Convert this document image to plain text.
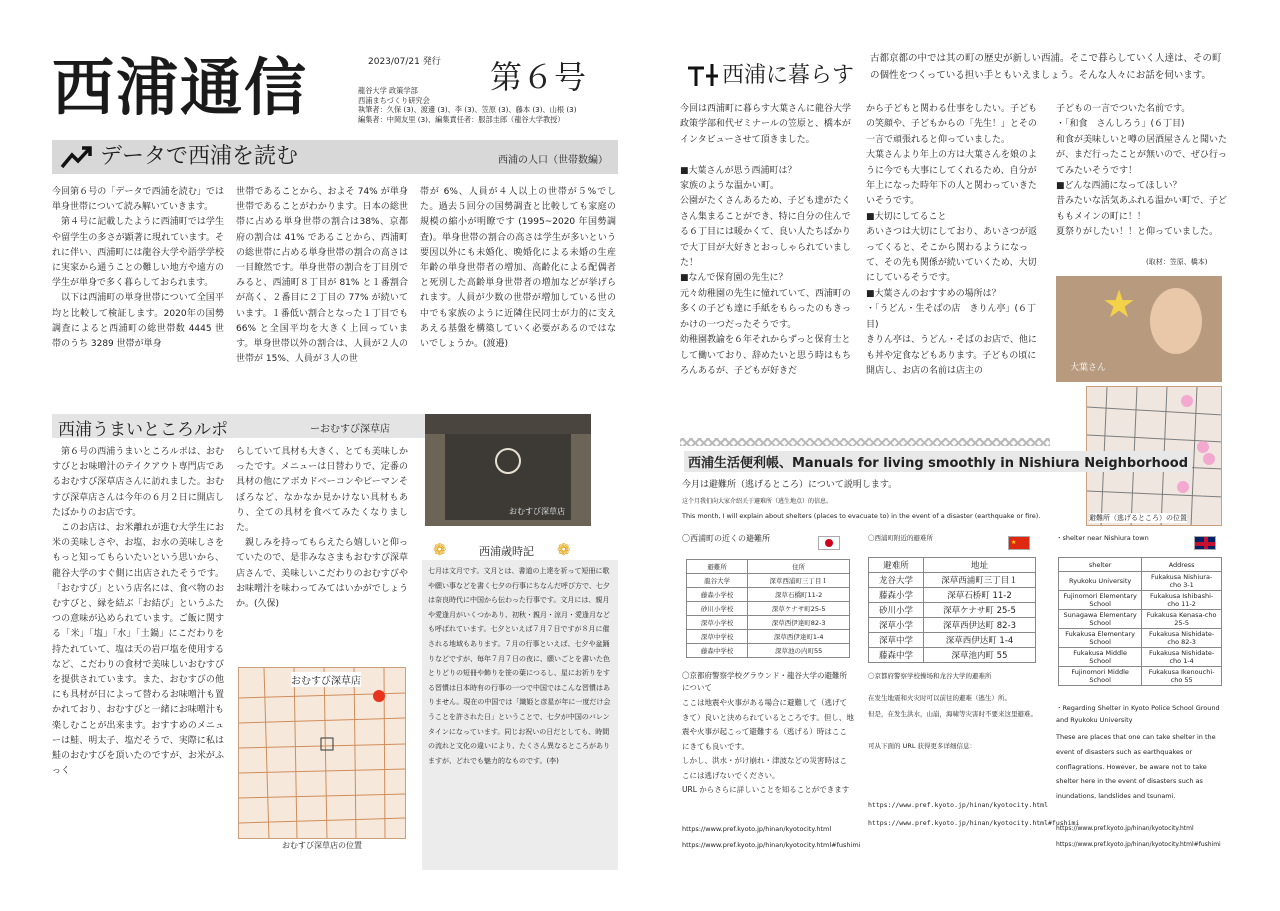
西浦通信	2023/07/21 発行 第６号
龍谷大学 政策学部
西浦まちづくり研究会
執筆者：久保 (3)、渡邊 (3)、李 (3)、笠原 (3)、藤本 (3)、山根 (3)
編集者：中岡友里 (3)、編集責任者：服部圭郎（龍谷大学教授）
データで西浦を読む	西浦の人口（世帯数編）

今回第６号の「データで西浦を読む」では単身世帯について読み解いていきます。

第４号に記載したように西浦町では学生や留学生の多さが顕著に現れています。それに伴い、西浦町には龍谷大学や語学学校に実家から通うことの難しい地方や遠方の学生が単身で多く暮らしておられます。

以下は西浦町の単身世帯について全国平均と比較して検証します。2020年の国勢調査によると西浦町の総世帯数 4445 世帯のうち 3289 世帯が単身

世帯であることから、およそ 74% が単身世帯であることがわかります。日本の総世帯に占める単身世帯の割合は38%、京都府の割合は 41% であることから、西浦町の総世帯に占める単身世帯の割合の高さは一目瞭然です。単身世帯の割合を丁目別でみると、西浦町８丁目が 81% と１番割合が高く、２番目に２丁目の 77% が続いています。１番低い割合となった１丁目でも 66% と全国平均を大きく上回っています。単身世帯以外の割合は、人員が２人の世帯が 15%、人員が３人の世
帯が 6%、人員が４人以上の世帯が５%でした。過去５回分の国勢調査と比較しても家庭の規模の縮小が明瞭です (1995~2020 年国勢調査)。単身世帯の割合の高さは学生が多いという要因以外にも未婚化、晩婚化による未婚の生産年齢の単身世帯者の増加、高齢化による配偶者と死別した高齢単身世帯者の増加などが挙げられます。人員が少数の世帯が増加している世の中でも家族のように近隣住民同士が力的に支えあえる基盤を構築していく必要があるのではないでしょうか。(渡邉)
西浦うまいところルポ	ーおむすび深草店

第６号の西浦うまいところルポは、おむすびとお味噌汁のテイクアウト専門店であるおむすび深草店さんに訪れました。おむすび深草店さんは今年の６月２日に開店したばかりのお店です。

このお店は、お米離れが進む大学生にお米の美味しさや、お塩、お水の美味しさをもっと知ってもらいたいという思いから、龍谷大学のすぐ側に出店されたそうです。「おむすび」という店名には、食べ物のおむすびと、縁を結ぶ「お結び」というふたつの意味が込められています。ご飯に関する「米」「塩」「水」「土鍋」にこだわりを持たれていて、塩は天の岩戸塩を使用するなど、こだわりの食材で美味しいおむすびを提供されています。また、おむすびの他にも具材が日によって替わるお味噌汁も置かれており、おむすびと一緒にお味噌汁も楽しむことが出来ます。おすすめのメニューは鮭、明太子、塩だそうで、実際に私は鮭のおむすびを頂いたのですが、お米がふっく

らしていて具材も大きく、とても美味しかったです。メニューは日替わりで、定番の具材の他にアボカドベーコンやピーマンそぼろなど、なかなか見かけない具材もあり、全ての具材を食べてみたくなりました。

親しみを持ってもらえたら嬉しいと仰っていたので、是非みなさまもおむすび深草店さんで、美味しいこだわりのおむすびやお味噌汁を味わってみてはいかがでしょうか。(久保)

おむすび深草店
❁	西浦歳時記 ❁
七月は文月です。文月とは、書道の上達を祈って短冊に歌や願い事などを書く七夕の行事にちなんだ呼び方で、七夕は奈良時代に中国から伝わった行事です。文月には、親月や愛逢月がいくつかあり、初秋・親月・涼月・愛逢月なども呼ばれています。七夕といえば７月７日ですが８月に催される地域もあります。７月の行事といえば、七夕や盆踊りなどですが、毎年７月７日の夜に、願いごとを書いた色とりどりの短冊や飾りを笹の葉につるし、星にお祈りをする習慣は日本時有の行事の一つで中国ではこんな習慣はありません。現在の中国では「織姫と彦星が年に一度だけ会うことを許された日」ということで、七夕が中国のバレンタインになっています。同じお祝いの日だとしても、時間の流れと文化の違いにより、たくさん異なるところがありますが、どれでも魅力的なものです。(李)
おむすび深草店
おむすび深草店の位置
西浦に暮らす
古都京都の中では其の町の歴史が新しい西浦。そこで暮らしていく人達は、その町の個性をつくっている担い手ともいえましょう。そんな人々にお話を伺います。
今回は西浦町に暮らす大葉さんに龍谷大学政策学部和代ゼミナールの笠原と、橋本がインタビューさせて頂きました。

■大葉さんが思う西浦町は？
家族のような温かい町。
公園がたくさんあるため、子ども達がたくさん集まることができ、特に自分の住んでる６丁目には暖かくて、良い人たちばかりで大丁目が大好きとおっしゃられていました！
■なんで保育園の先生に？
元々幼稚園の先生に憧れていて、西浦町の多くの子ども達に手紙をもらったのもきっかけの一つだったそうです。
幼稚園教諭を６年それからずっと保育士として働いており、辞めたいと思う時はもちろんあるが、子どもが好きだ
から子どもと関わる仕事をしたい。子どもの笑顔や、子どもからの「先生！」とその一言で頑張れると仰っていました。
大葉さんより年上の方は大葉さんを娘のように今でも大事にしてくれるため、自分が年上になった時年下の人と関わっていきたいそうです。
■大切にしてること
あいさつは大切にしており、あいさつが返ってくると、そこから関わるようになって、その先も関係が続いていくため、大切にしているそうです。
■大葉さんのおすすめの場所は？
・「うどん・生そばの店　きりん亭」(６丁目)
きりん亭は、うどん・そばのお店で、他にも丼や定食などもあります。子どもの頃に開店し、お店の名前は店主の
子どもの一言でついた名前です。
・「和食　さんしろう」(６丁目)
和食が美味しいと噂の居酒屋さんと聞いたが、まだ行ったことが無いので、ぜひ行ってみたいそうです！
■どんな西浦になってほしい？
昔みたいな活気あふれる温かい町で、子どももメインの町に！！
夏祭りがしたい！！と仰っていました。
(取材：笠原、橋本)
★
大葉さん
避難所（逃げるところ）の位置
西浦生活便利帳、Manuals for living smoothly in Nishiura Neighborhood
今月は避難所（逃げるところ）について説明します。
这个月我们向大家介绍关于避难所（逃生地点）的信息。
This month, I will explain about shelters (places to evacuate to) in the event of a disaster (earthquake or fire).
〇西浦町の近くの避難所
避難所	住所
龍谷大学	深草西浦町三丁目１
藤森小学校	深草石橋町11-2
砂川小学校	深草ケナサ町25-5
深草小学校	深草西伊達町82-3
深草中学校	深草西伊達町1-4
藤森中学校	深草池の内町55
〇京都府警察学校グラウンド・龍谷大学の避難所について
ここは地震や火事がある場合に避難して（逃げてきて）良いと決められているところです。但し、地震や火事が起こって避難する（逃げる）時はここにきても良いです。
しかし、洪水・がけ崩れ・津波などの災害時はここには逃げないでください。
URL からさらに詳しいことを知ることができます
https://www.pref.kyoto.jp/hinan/kyotocity.html
https://www.pref.kyoto.jp/hinan/kyotocity.html#fushimi
〇西浦町附近的避难所
★
避难所	地址
龙谷大学	深草西浦町三丁目１
藤森小学	深草石桥町 11-2
砂川小学	深草ケナサ町 25-5
深草小学	深草西伊达町 82-3
深草中学	深草西伊达町 1-4
藤森中学	深草池内町 55
〇京都府警察学校操场和龙谷大学的避难所
在发生地震和火灾时可以前往的避难（逃生）所。
但是，在发生洪水，山崩，海啸等灾害时不要来这里避难。

可从下面的 URL 获得更多详细信息：
https://www.pref.kyoto.jp/hinan/kyotocity.html
https://www.pref.kyoto.jp/hinan/kyotocity.html#fushimi
・shelter near Nishiura town
shelter	Address
Ryukoku University	Fukakusa Nishiura-cho 3-1
Fujinomori Elementary School	Fukakusa Ishibashi-cho 11-2
Sunagawa Elementary School	Fukakusa Kenasa-cho 25-5
Fukakusa Elementary School	Fukakusa Nishidate-cho 82-3
Fukakusa Middle School	Fukakusa Nishidate-cho 1-4
Fujinomori Middle School	Fukakusa Ikenouchi-cho 55
・Regarding Shelter in Kyoto Police School Ground and Ryukoku University
These are places that one can take shelter in the event of disasters such as earthquakes or conflagrations. However, be aware not to take shelter here in the event of disasters such as inundations, landslides and tsunami.
https://www.pref.kyoto.jp/hinan/kyotocity.html
https://www.pref.kyoto.jp/hinan/kyotocity.html#fushimi
